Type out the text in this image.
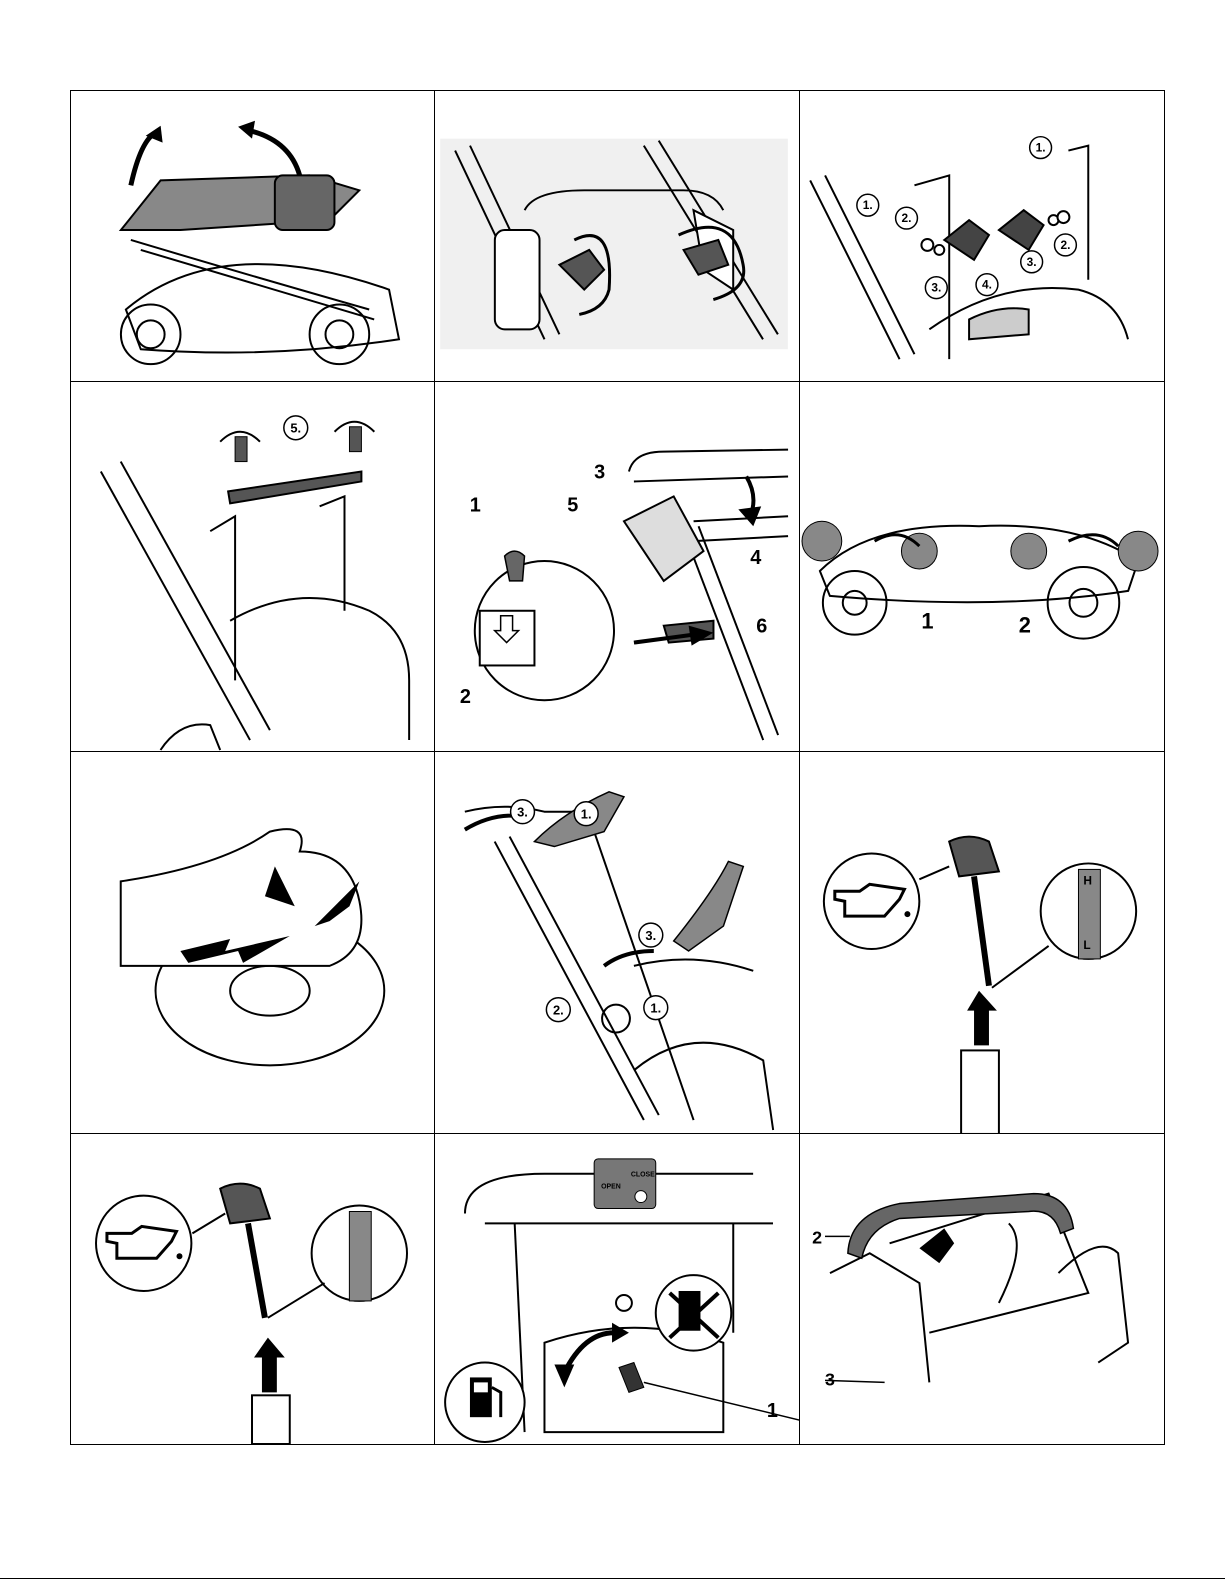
1.
2.
3.	4.
3.
2.
1.
5.
1
2
3
4
5
6	1	2
3.	1.
3.
2.	1.
H
L
CLOSE
OPEN
1
2
3
